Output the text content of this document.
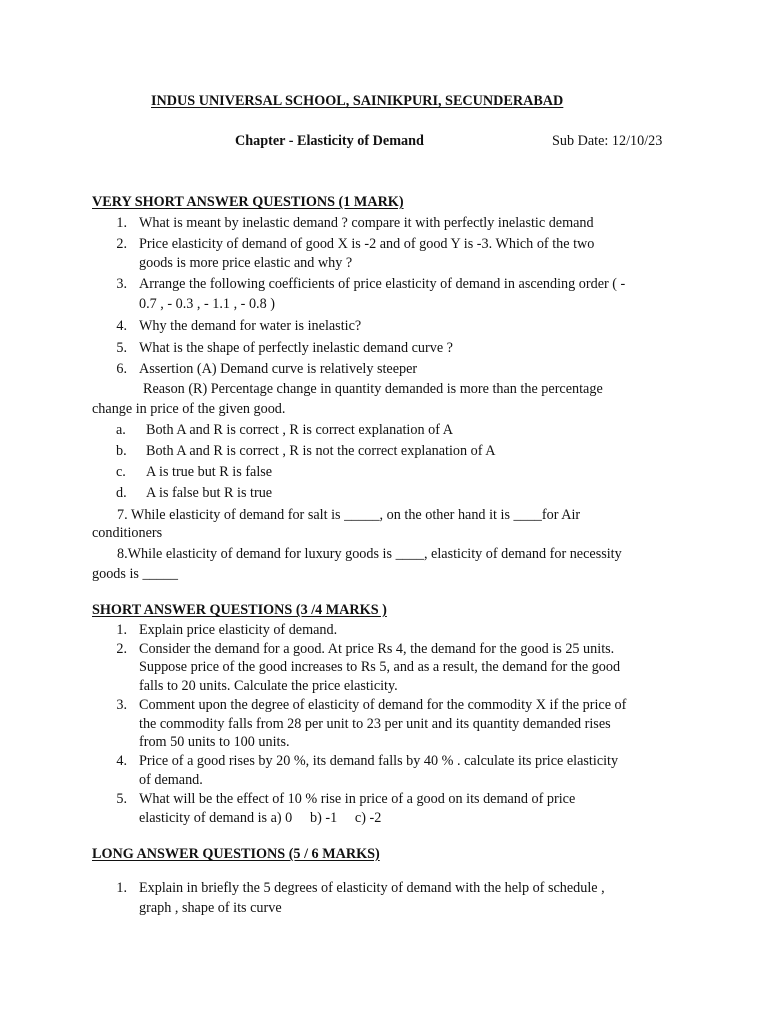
INDUS UNIVERSAL SCHOOL, SAINIKPURI, SECUNDERABAD
Chapter - Elasticity of Demand	Sub Date: 12/10/23
VERY SHORT ANSWER QUESTIONS (1 MARK)
1. What is meant by inelastic demand ? compare it with perfectly inelastic demand
2. Price elasticity of demand of good X is -2 and of good Y is -3. Which of the two
goods is more price elastic and why ?
3. Arrange the following coefficients of price elasticity of demand in ascending order ( -
0.7 , - 0.3 , - 1.1 , - 0.8 )
4. Why the demand for water is inelastic?
5. What is the shape of perfectly inelastic demand curve ?
6. Assertion (A) Demand curve is relatively steeper
Reason (R) Percentage change in quantity demanded is more than the percentage
change in price of the given good.
a. Both A and R is correct , R is correct explanation of A
b. Both A and R is correct , R is not the correct explanation of A
c. A is true but R is false
d. A is false but R is true
7. While elasticity of demand for salt is _____, on the other hand it is ____for Air
conditioners
8.While elasticity of demand for luxury goods is ____, elasticity of demand for necessity
goods is _____
SHORT ANSWER QUESTIONS (3 /4 MARKS )
1. Explain price elasticity of demand.
2. Consider the demand for a good. At price Rs 4, the demand for the good is 25 units.
Suppose price of the good increases to Rs 5, and as a result, the demand for the good
falls to 20 units. Calculate the price elasticity.
3. Comment upon the degree of elasticity of demand for the commodity X if the price of
the commodity falls from 28 per unit to 23 per unit and its quantity demanded rises
from 50 units to 100 units.
4. Price of a good rises by 20 %, its demand falls by 40 % . calculate its price elasticity
of demand.
5. What will be the effect of 10 % rise in price of a good on its demand of price
elasticity of demand is a) 0     b) -1     c) -2
LONG ANSWER QUESTIONS (5 / 6 MARKS)
1. Explain in briefly the 5 degrees of elasticity of demand with the help of schedule ,
graph , shape of its curve
